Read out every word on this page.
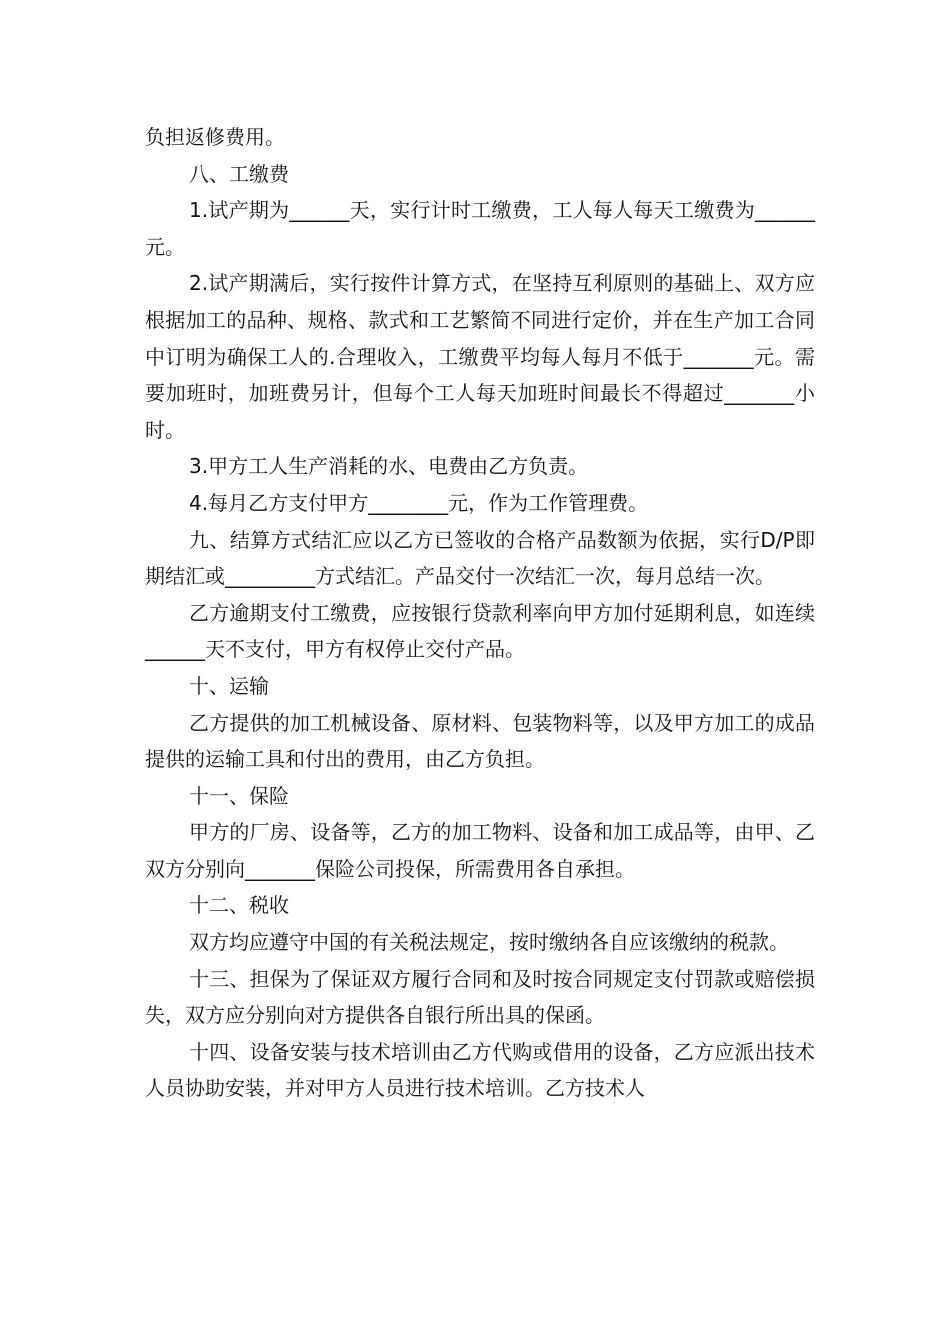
负担返修费用。

八、工缴费

1.试产期为______天，实行计时工缴费，工人每人每天工缴费为______元。

2.试产期满后，实行按件计算方式，在坚持互利原则的基础上、双方应根据加工的品种、规格、款式和工艺繁简不同进行定价，并在生产加工合同中订明为确保工人的.合理收入，工缴费平均每人每月不低于_______元。需要加班时，加班费另计，但每个工人每天加班时间最长不得超过_______小时。

3.甲方工人生产消耗的水、电费由乙方负责。

4.每月乙方支付甲方________元，作为工作管理费。

九、结算方式结汇应以乙方已签收的合格产品数额为依据，实行D/P即期结汇或_________方式结汇。产品交付一次结汇一次，每月总结一次。

乙方逾期支付工缴费，应按银行贷款利率向甲方加付延期利息，如连续______天不支付，甲方有权停止交付产品。

十、运输

乙方提供的加工机械设备、原材料、包装物料等，以及甲方加工的成品提供的运输工具和付出的费用，由乙方负担。

十一、保险

甲方的厂房、设备等，乙方的加工物料、设备和加工成品等，由甲、乙双方分别向_______保险公司投保，所需费用各自承担。

十二、税收

双方均应遵守中国的有关税法规定，按时缴纳各自应该缴纳的税款。

十三、担保为了保证双方履行合同和及时按合同规定支付罚款或赔偿损失，双方应分别向对方提供各自银行所出具的保函。

十四、设备安装与技术培训由乙方代购或借用的设备，乙方应派出技术人员协助安装，并对甲方人员进行技术培训。乙方技术人
